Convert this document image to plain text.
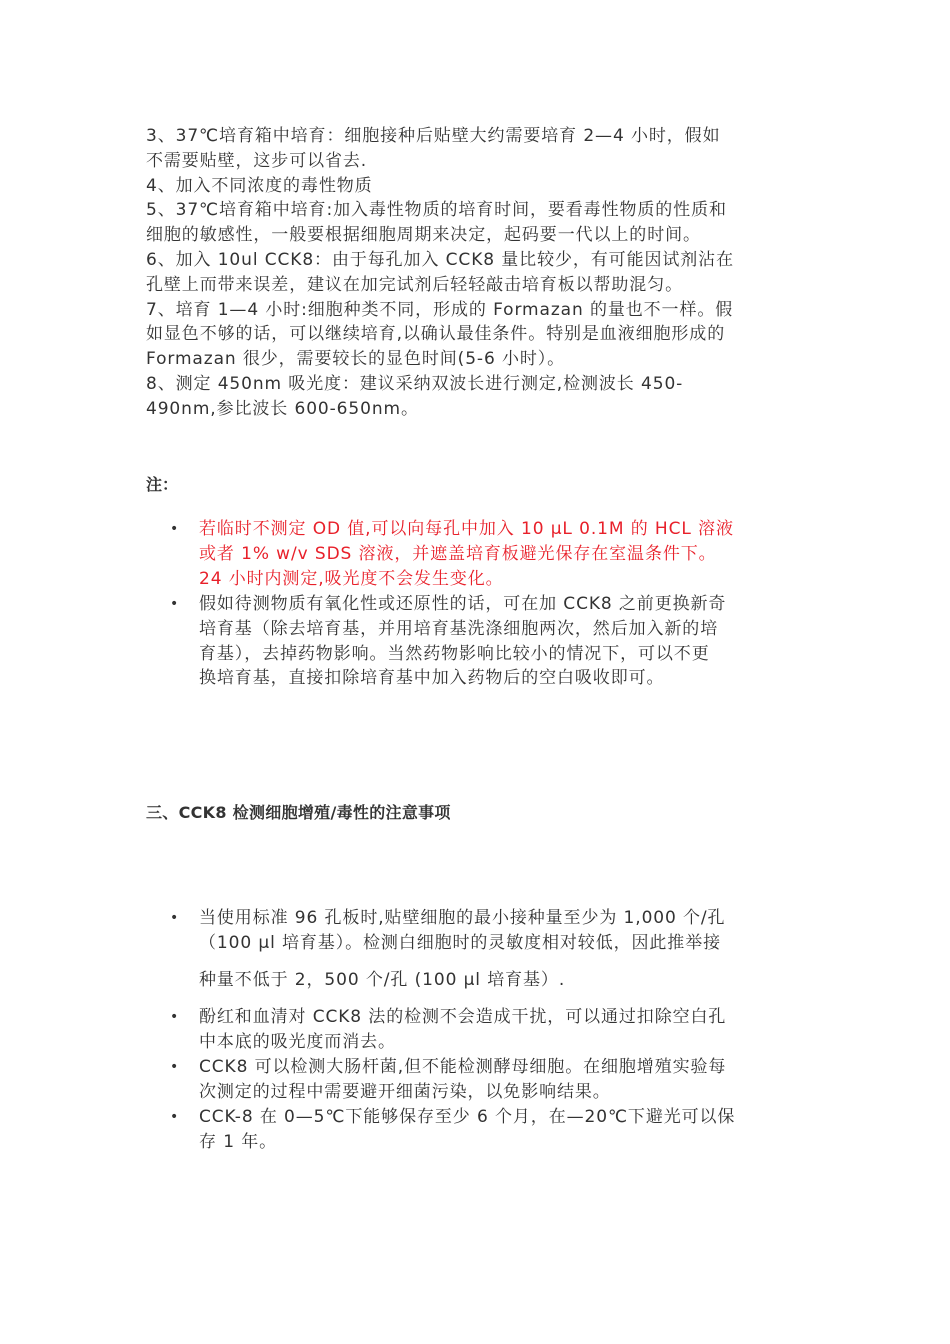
3、37℃培育箱中培育：细胞接种后贴壁大约需要培育 2—4 小时，假如
不需要贴壁，这步可以省去.
4、加入不同浓度的毒性物质
5、37℃培育箱中培育:加入毒性物质的培育时间，要看毒性物质的性质和
细胞的敏感性，一般要根据细胞周期来决定，起码要一代以上的时间。
6、加入 10ul CCK8：由于每孔加入 CCK8 量比较少，有可能因试剂沾在
孔壁上而带来误差，建议在加完试剂后轻轻敲击培育板以帮助混匀。
7、培育 1—4 小时:细胞种类不同，形成的 Formazan 的量也不一样。假
如显色不够的话，可以继续培育,以确认最佳条件。特别是血液细胞形成的
Formazan 很少，需要较长的显色时间(5-6 小时）。
8、测定 450nm 吸光度：建议采纳双波长进行测定,检测波长 450-
490nm,参比波长 600-650nm。
注：
• 若临时不测定 OD 值,可以向每孔中加入 10 μL 0.1M 的 HCL 溶液
或者 1% w/v SDS 溶液，并遮盖培育板避光保存在室温条件下。
24 小时内测定,吸光度不会发生变化。
• 假如待测物质有氧化性或还原性的话，可在加 CCK8 之前更换新奇
培育基（除去培育基，并用培育基洗涤细胞两次，然后加入新的培
育基），去掉药物影响。当然药物影响比较小的情况下，可以不更
换培育基，直接扣除培育基中加入药物后的空白吸收即可。
三、CCK8 检测细胞增殖/毒性的注意事项
• 当使用标准 96 孔板时,贴壁细胞的最小接种量至少为 1,000 个/孔
（100 μl 培育基）。检测白细胞时的灵敏度相对较低，因此推举接
种量不低于 2，500 个/孔 (100 μl 培育基）.
• 酚红和血清对 CCK8 法的检测不会造成干扰，可以通过扣除空白孔
中本底的吸光度而消去。
• CCK8 可以检测大肠杆菌,但不能检测酵母细胞。在细胞增殖实验每
次测定的过程中需要避开细菌污染，以免影响结果。
• CCK-8 在 0—5℃下能够保存至少 6 个月，在—20℃下避光可以保
存 1 年。
